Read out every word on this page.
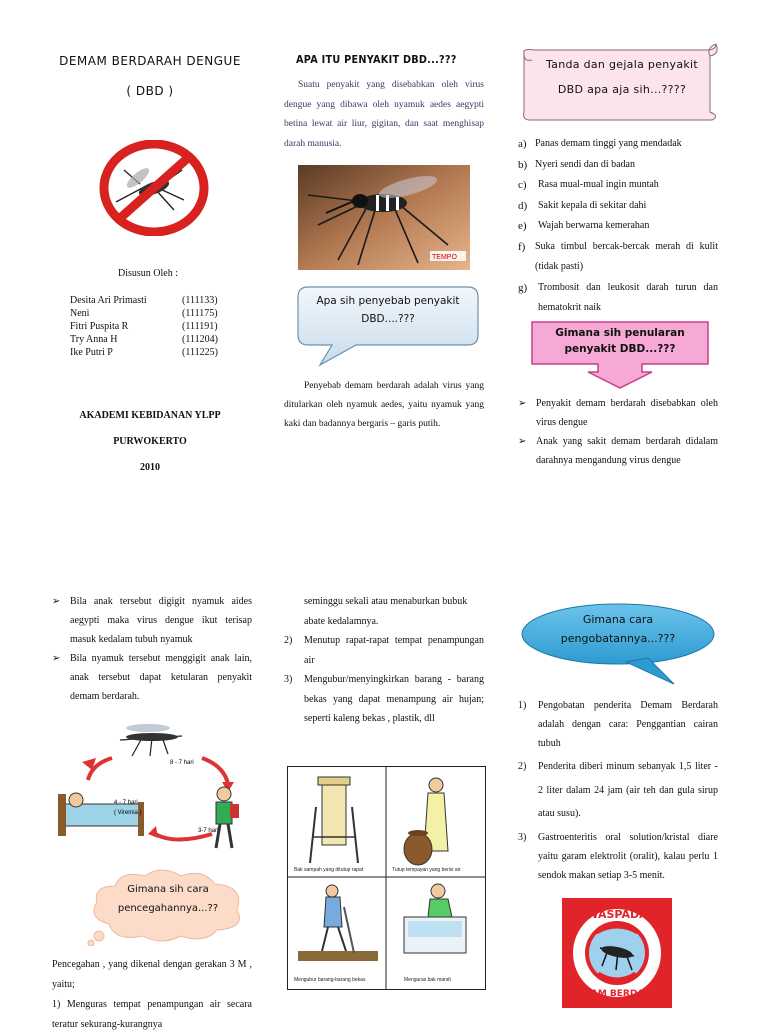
DEMAM BERDARAH DENGUE
( DBD )
Disusun Oleh :
Desita Ari Primasti	(111133)
Neni	(111175)
Fitri Puspita R	(111191)
Try Anna H	(111204)
Ike Putri P	(111225)
AKADEMI KEBIDANAN YLPP
PURWOKERTO
2010
APA ITU PENYAKIT DBD...???
Suatu penyakit yang disebabkan oleh virus dengue yang dibawa oleh nyamuk aedes aegypti betina lewat air liur, gigitan, dan saat menghisap darah manusia.
TEMPO
Apa sih penyebab penyakit DBD....???
Penyebab demam berdarah adalah virus yang ditularkan oleh nyamuk aedes, yaitu nyamuk yang kaki dan badannya bergaris – garis putih.
Tanda dan gejala penyakit
DBD apa aja sih...????
a) Panas demam tinggi yang mendadak
b) Nyeri sendi dan di badan
c)	Rasa mual-mual ingin muntah
d)	Sakit kepala di sekitar dahi
e)	Wajah berwarna kemerahan
f) Suka timbul bercak-bercak merah di kulit (tidak pasti)
g)	Trombosit dan leukosit darah turun dan hematokrit naik
Gimana sih penularan penyakit DBD...???
➢ Penyakit demam berdarah disebabkan oleh virus dengue
➢ Anak yang sakit demam berdarah didalam darahnya mengandung virus dengue
➢ Bila anak tersebut digigit nyamuk aides aegypti maka virus dengue ikut terisap masuk kedalam tubuh nyamuk
➢ Bila nyamuk tersebut menggigit anak lain, anak tersebut dapat ketularan penyakit demam berdarah.
8 - 7 hari
4 - 7 hari
( Viremia )
3-7 hari
Gimana sih cara pencegahannya...??
Pencegahan , yang dikenal dengan gerakan 3 M , yaitu;
1) Menguras tempat penampungan air secara teratur sekurang-kurangnya
seminggu sekali atau menaburkan bubuk abate kedalamnya.
2)	Menutup rapat-rapat tempat penampungan air
3)	Mengubur/menyingkirkan barang - barang bekas yang dapat menampung air hujan; seperti kaleng bekas , plastik, dll
Bak sampah yang ditutup rapat	Tutup tempayan yang berisi air
Mengubur barang-barang bekas	Menguras bak mandi
Gimana cara pengobatannya...???
1)	Pengobatan penderita Demam Berdarah adalah dengan cara: Penggantian cairan tubuh
2)	Penderita diberi minum sebanyak 1,5 liter - 2 liter dalam 24 jam (air teh dan gula sirup atau susu).
3)	Gastroenteritis oral solution/kristal diare yaitu garam elektrolit (oralit), kalau perlu 1 sendok makan setiap 3-5 menit.
WASPADA
DEMAM BERDARAH
